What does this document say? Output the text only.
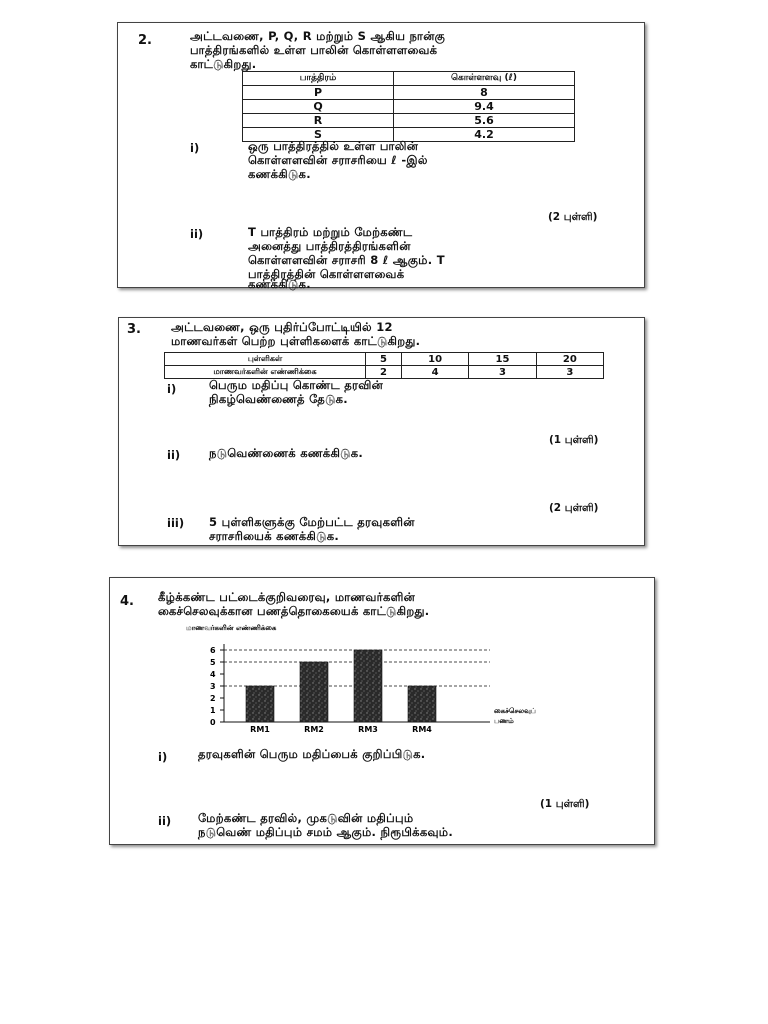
2.	அட்டவணை, P, Q, R மற்றும் S ஆகிய நான்கு
பாத்திரங்களில் உள்ள பாலின் கொள்ளளவைக்
காட்டுகிறது.
பாத்திரம்	கொள்ளளவு (ℓ)
P	8
Q	9.4
R	5.6
S	4.2
i)	ஒரு பாத்திரத்தில் உள்ள பாலின்
கொள்ளளவின் சராசரியை ℓ -இல்
கணக்கிடுக.
(2 புள்ளி)
ii)	T பாத்திரம் மற்றும் மேற்கண்ட
அனைத்து பாத்திரத்திரங்களின்
கொள்ளளவின் சராசரி 8 ℓ ஆகும். T
பாத்திரத்தின் கொள்ளளவைக்
கணக்கிடுக.
3.	அட்டவணை, ஒரு புதிர்ப்போட்டியில் 12
மாணவர்கள் பெற்ற புள்ளிகளைக் காட்டுகிறது.
புள்ளிகள்	5	10	15	20
மாணவர்களின் எண்ணிக்கை	2	4	3	3
i)	பெரும மதிப்பு கொண்ட தரவின்
நிகழ்வெண்ணைத் தேடுக.
(1 புள்ளி)
ii)	நடுவெண்ணைக் கணக்கிடுக.
(2 புள்ளி)
iii) 5 புள்ளிகளுக்கு மேற்பட்ட தரவுகளின்
சராசரியைக் கணக்கிடுக.
4. கீழ்க்கண்ட பட்டைக்குறிவரைவு, மாணவர்களின்
கைச்செலவுக்கான பணத்தொகையைக் காட்டுகிறது.
மாணவர்களின் எண்ணிக்கை
0
1
2
3
4
5
6
RM1	RM2	RM3	RM4
கைச்செலவுப்
பணம்
i)	தரவுகளின் பெரும மதிப்பைக் குறிப்பிடுக.
(1 புள்ளி)
ii) மேற்கண்ட தரவில், முகடுவின் மதிப்பும்
நடுவெண் மதிப்பும் சமம் ஆகும். நிரூபிக்கவும்.
